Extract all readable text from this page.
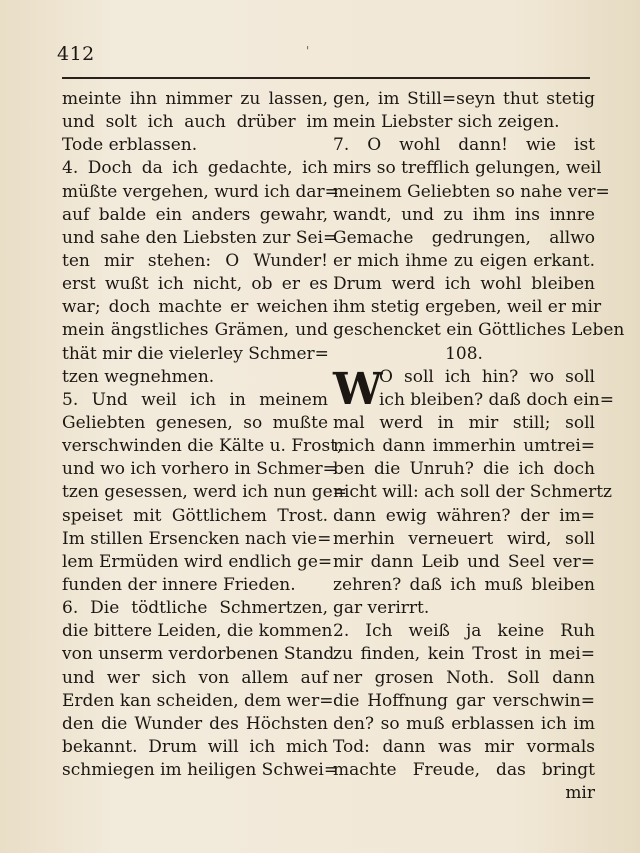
412	'
meinte ihn nimmer zu lassen,
und solt ich auch drüber im
Tode erblassen.
4. Doch da ich gedachte, ich
müßte vergehen, wurd ich dar=
auf balde ein anders gewahr,
und sahe den Liebsten zur Sei=
ten mir stehen: O Wunder!
erst wußt ich nicht, ob er es
war; doch machte er weichen
mein ängstliches Grämen, und
thät mir die vielerley Schmer=
tzen wegnehmen.
5. Und weil ich in meinem
Geliebten genesen, so mußte
verschwinden die Kälte u. Frost,
und wo ich vorhero in Schmer=
tzen gesessen, werd ich nun ge=
speiset mit Göttlichem Trost.
Im stillen Ersencken nach vie=
lem Ermüden wird endlich ge=
funden der innere Frieden.
6. Die tödtliche Schmertzen,
die bittere Leiden, die kommen
von unserm verdorbenen Stand
und wer sich von allem auf
Erden kan scheiden, dem wer=
den die Wunder des Höchsten
bekannt. Drum will ich mich
schmiegen im heiligen Schwei=
gen, im Still=seyn thut stetig
mein Liebster sich zeigen.
7. O wohl dann! wie ist
mirs so trefflich gelungen, weil
meinem Geliebten so nahe ver=
wandt, und zu ihm ins innre
Gemache gedrungen, allwo
er mich ihme zu eigen erkant.
Drum werd ich wohl bleiben
ihm stetig ergeben, weil er mir
geschencket ein Göttliches Leben
108.
W
O soll ich hin? wo soll
ich bleiben? daß doch ein=
mal werd in mir still; soll
mich dann immerhin umtrei=
ben die Unruh? die ich doch
nicht will: ach soll der Schmertz
dann ewig währen? der im=
merhin verneuert wird, soll
mir dann Leib und Seel ver=
zehren? daß ich muß bleiben
gar verirrt.
2. Ich weiß ja keine Ruh
zu finden, kein Trost in mei=
ner grosen Noth. Soll dann
die Hoffnung gar verschwin=
den? so muß erblassen ich im
Tod: dann was mir vormals
machte Freude, das bringt
mir
